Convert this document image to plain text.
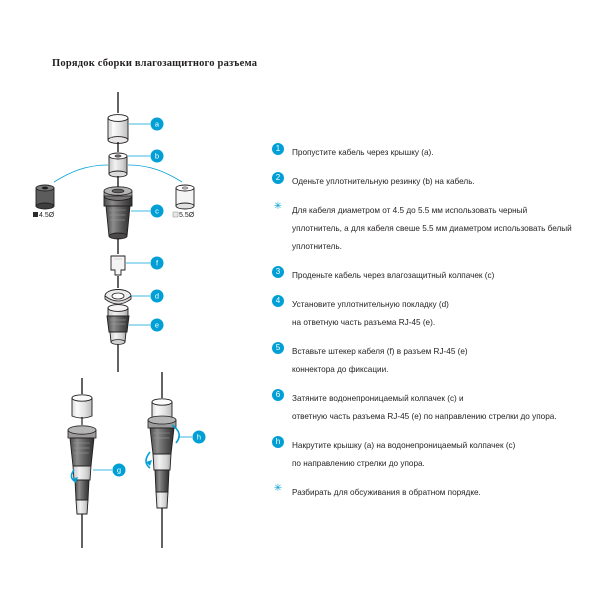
Порядок сборки влагозащитного разъема
4.5Ø	5.5Ø
a
b
c
f
d
e
g
h
1	Пропустите кабель через крышку (a).
2	Оденьте уплотнительную резинку (b) на кабель.
✳ Для кабеля диаметром от 4.5 до 5.5 мм использовать черный уплотнитель, а для кабеля свеше 5.5 мм диаметром использовать белый уплотнитель.
3	Проденьте кабель через влагозащитный колпачек (c)
4	Установите уплотнительную покладку (d)
на ответную часть разъема RJ-45 (e).
5	Вставьте штекер кабеля (f) в разъем RJ-45 (e)
коннектора до фиксации.
6	Затяните водонепроницаемый колпачек (c) и
ответную часть разъема RJ-45 (e) по направлению стрелки до упора.
h	Накрутите крышку (a) на водонепроницаемый колпачек (c)
по направлению стрелки до упора.
✳ Разбирать для обсуживания в обратном порядке.
